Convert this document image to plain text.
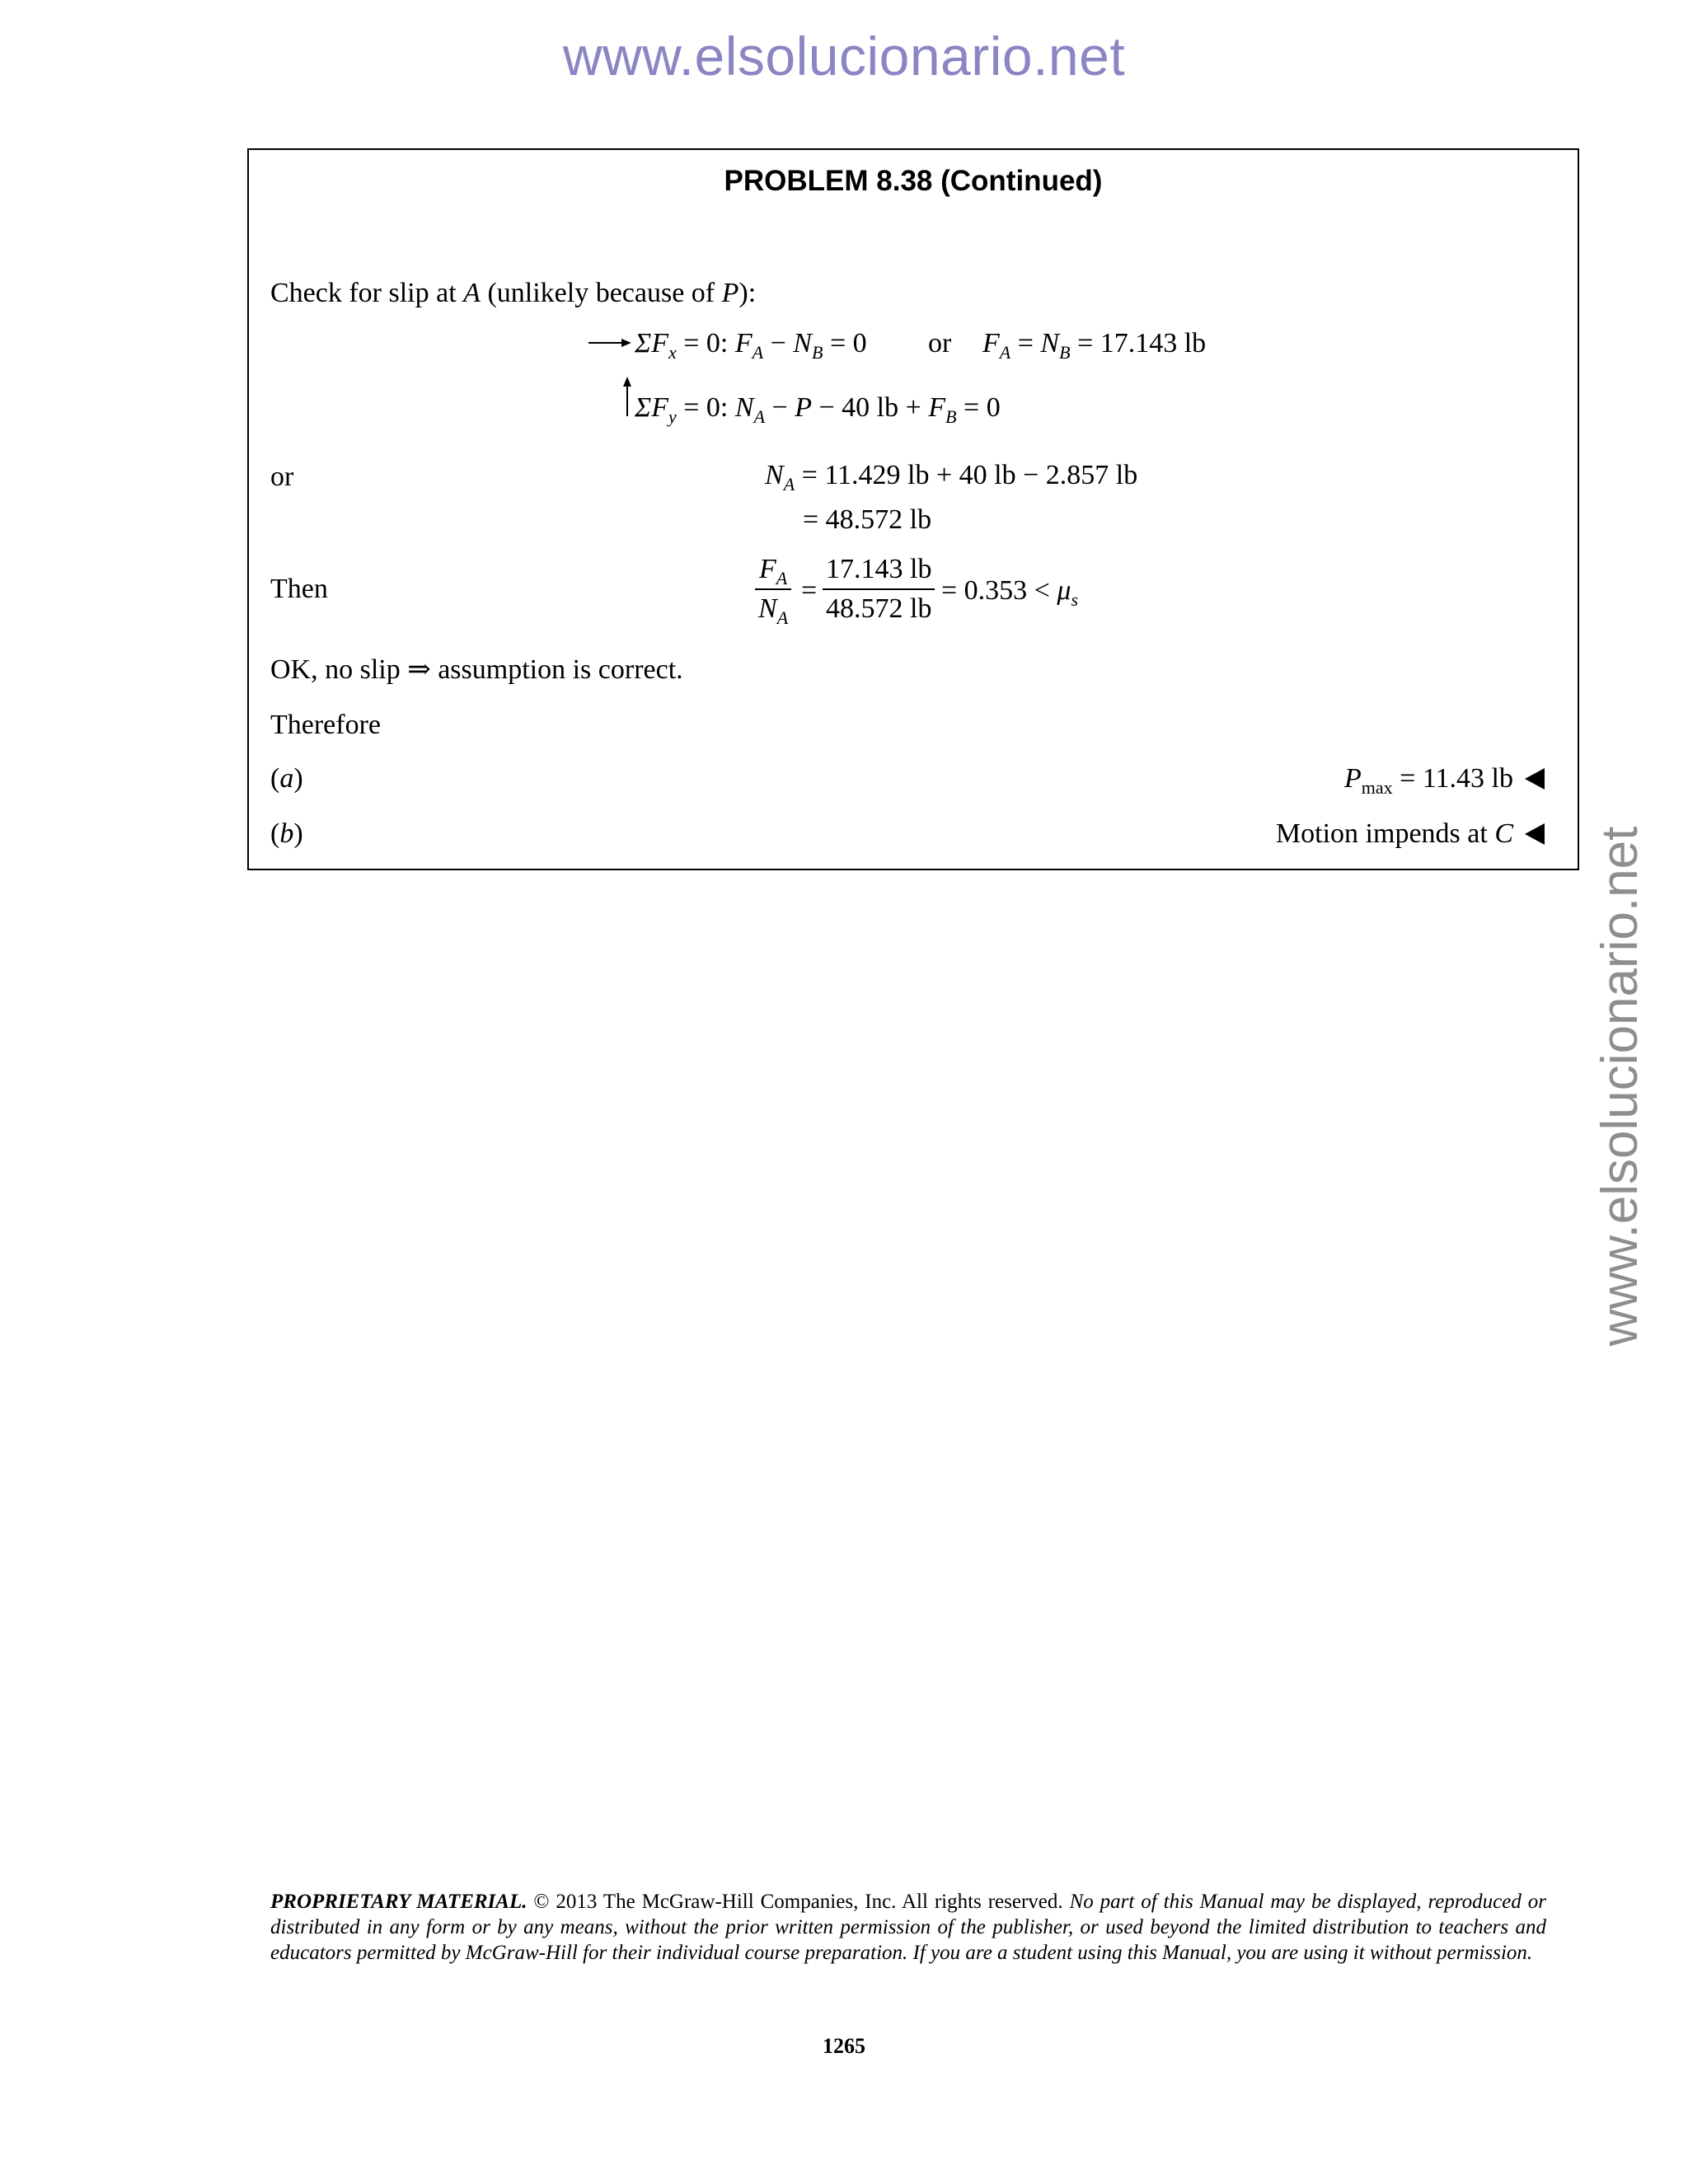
www.elsolucionario.net
www.elsolucionario.net
PROBLEM 8.38 (Continued)
Check for slip at A (unlikely because of P):
$\Sigma F_x = 0$: $F_A - N_B = 0$ or $F_A = N_B = 17.143$ lb
$\Sigma F_y = 0$: $N_A - P - 40$ lb + $F_B = 0$
or	$N_A = 11.429$ lb + 40 lb − 2.857 lb
= 48.572 lb
Then	$\frac{F_A}{N_A} = \frac{17.143 lb}{48.572 lb} = 0.353 < \mu_s$
OK, no slip ⇒ assumption is correct.
Therefore
(a)	$P_{max} = 11.43$ lb
(b)	Motion impends at C
PROPRIETARY MATERIAL. © 2013 The McGraw-Hill Companies, Inc. All rights reserved. No part of this Manual may be displayed, reproduced or distributed in any form or by any means, without the prior written permission of the publisher, or used beyond the limited distribution to teachers and educators permitted by McGraw-Hill for their individual course preparation. If you are a student using this Manual, you are using it without permission.
1265
